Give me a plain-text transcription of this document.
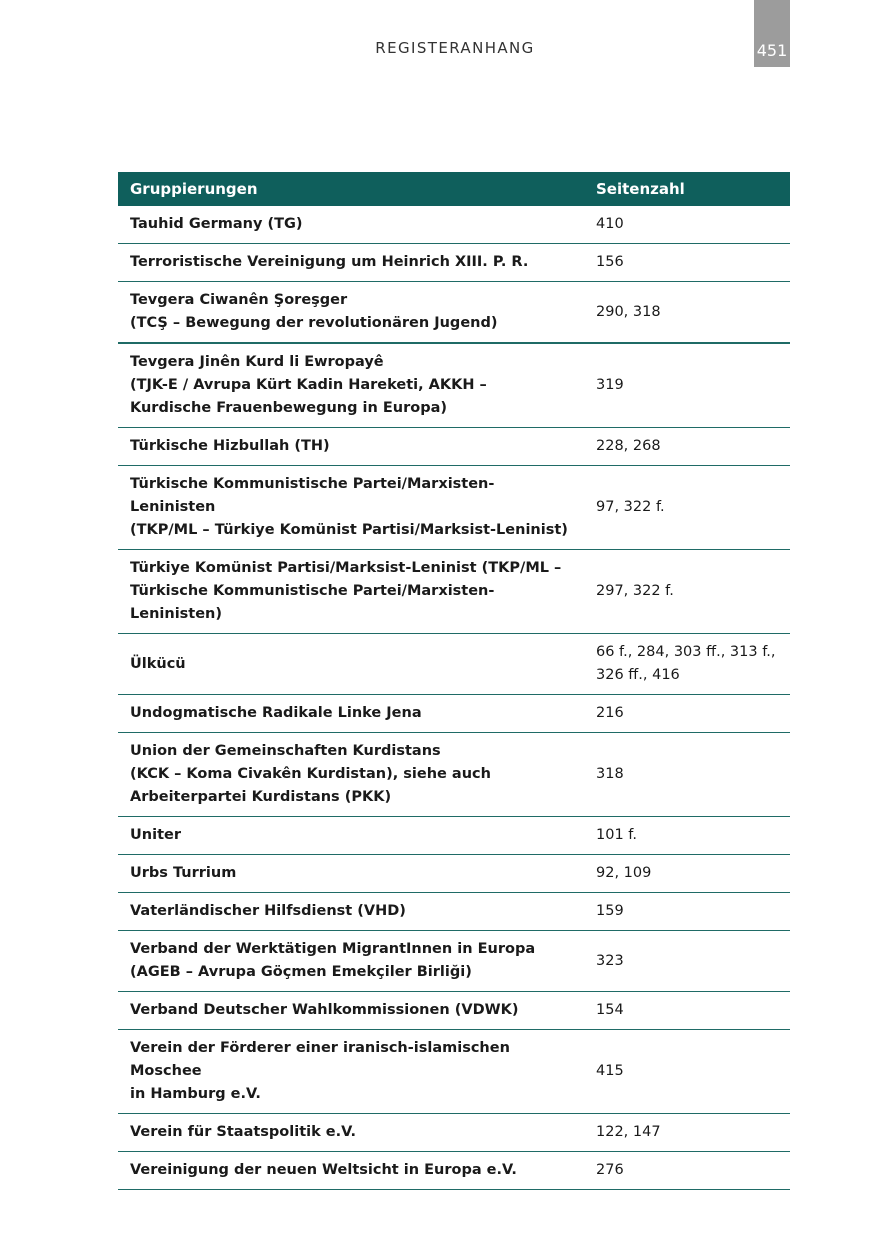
REGISTERANHANG	451
Gruppierungen	Seitenzahl
Tauhid Germany (TG)	410
Terroristische Vereinigung um Heinrich XIII. P. R.	156
Tevgera Ciwanên Şoreşger
(TCŞ – Bewegung der revolutionären Jugend)	290, 318
Tevgera Jinên Kurd li Ewropayê
(TJK-E / Avrupa Kürt Kadin Hareketi, AKKH –
Kurdische Frauenbewegung in Europa)	319
Türkische Hizbullah (TH)	228, 268
Türkische Kommunistische Partei/Marxisten-Leninisten
(TKP/ML – Türkiye Komünist Partisi/Marksist-Leninist)	97, 322 f.
Türkiye Komünist Partisi/Marksist-Leninist (TKP/ML –
Türkische Kommunistische Partei/Marxisten-Leninisten)	297, 322 f.
Ülkücü	66 f., 284, 303 ff., 313 f.,
326 ff., 416
Undogmatische Radikale Linke Jena	216
Union der Gemeinschaften Kurdistans
(KCK – Koma Civakên Kurdistan), siehe auch
Arbeiterpartei Kurdistans (PKK)	318
Uniter	101 f.
Urbs Turrium	92, 109
Vaterländischer Hilfsdienst (VHD)	159
Verband der Werktätigen MigrantInnen in Europa
(AGEB – Avrupa Göçmen Emekçiler Birliği)	323
Verband Deutscher Wahlkommissionen (VDWK)	154
Verein der Förderer einer iranisch-islamischen Moschee
in Hamburg e.V.	415
Verein für Staatspolitik e.V.	122, 147
Vereinigung der neuen Weltsicht in Europa e.V.	276
